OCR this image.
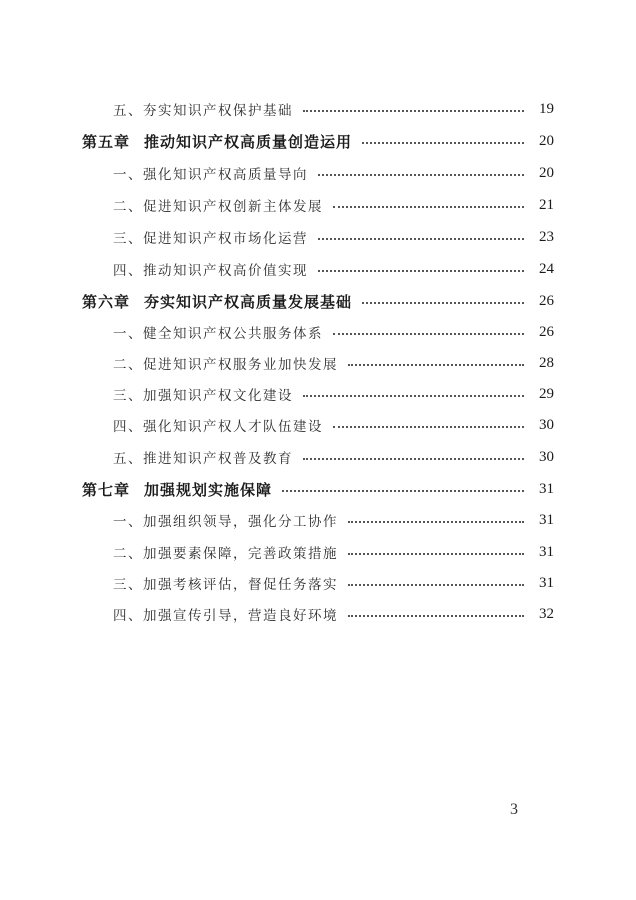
五、夯实知识产权保护基础	19
第五章 推动知识产权高质量创造运用	20
一、强化知识产权高质量导向	20
二、促进知识产权创新主体发展	21
三、促进知识产权市场化运营	23
四、推动知识产权高价值实现	24
第六章 夯实知识产权高质量发展基础	26
一、健全知识产权公共服务体系	26
二、促进知识产权服务业加快发展	28
三、加强知识产权文化建设	29
四、强化知识产权人才队伍建设	30
五、推进知识产权普及教育	30
第七章 加强规划实施保障	31
一、加强组织领导，强化分工协作	31
二、加强要素保障，完善政策措施	31
三、加强考核评估，督促任务落实	31
四、加强宣传引导，营造良好环境	32
3
